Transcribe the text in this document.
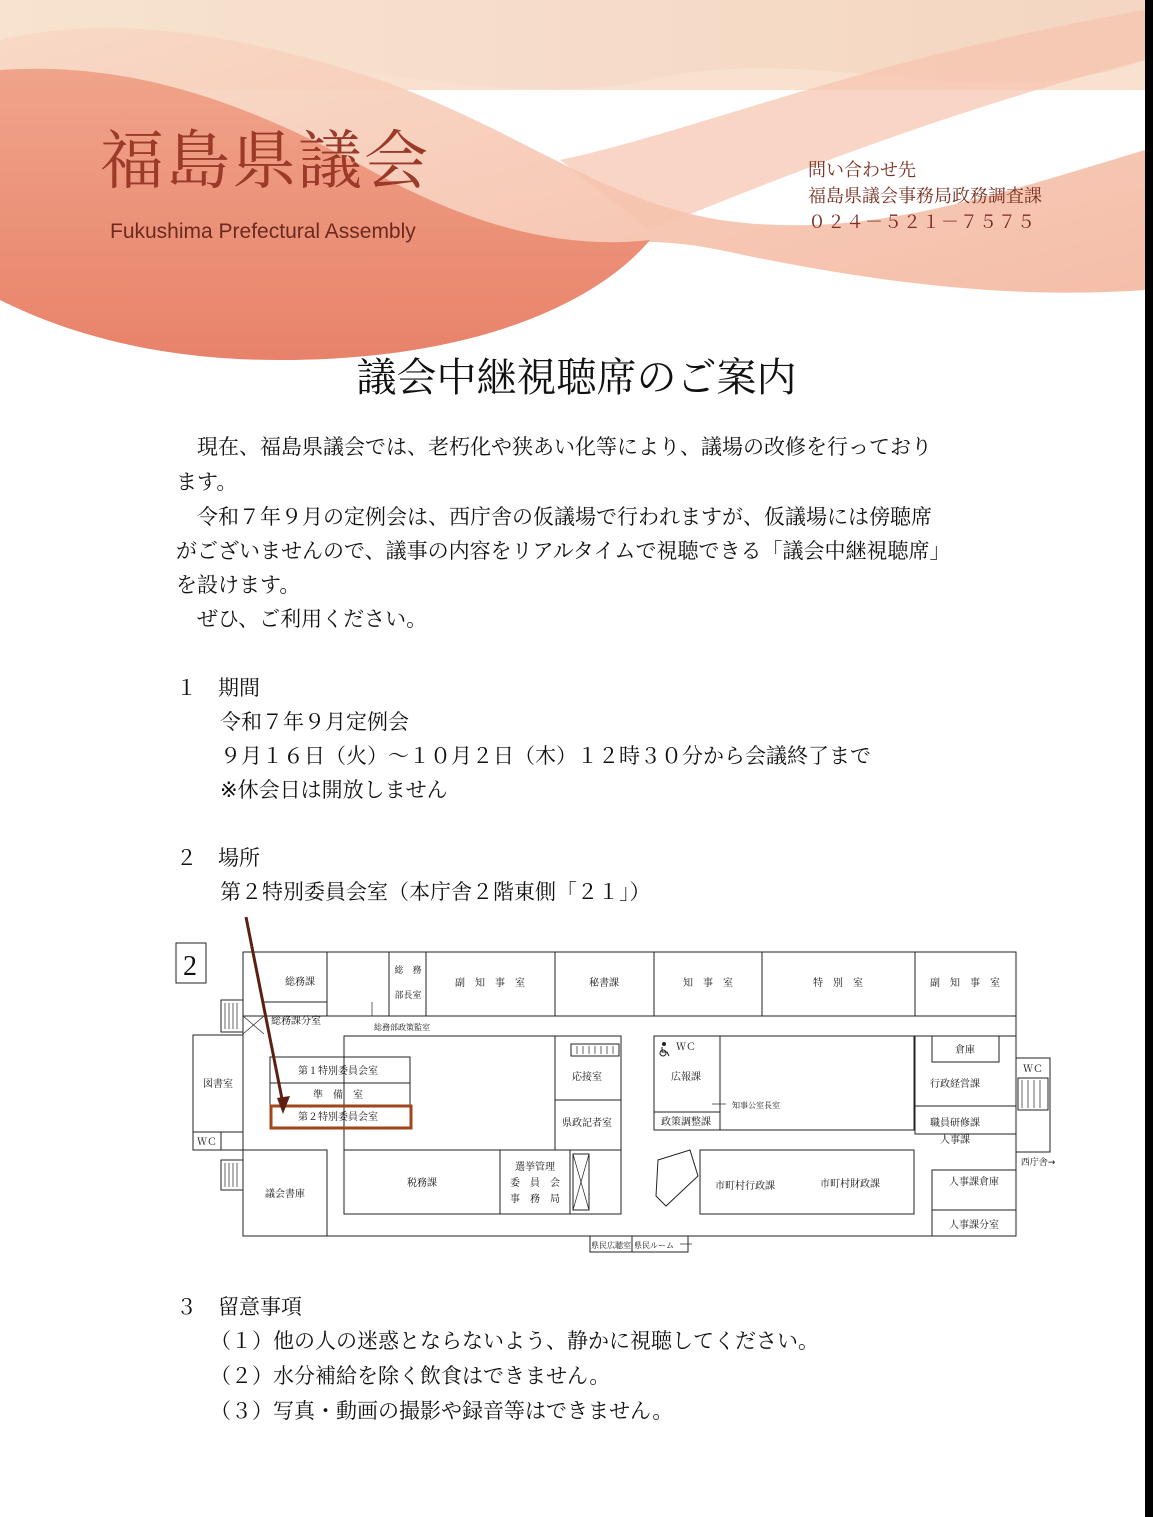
福島県議会
Fukushima Prefectural Assembly
問い合わせ先
福島県議会事務局政務調査課
０２４－５２１－７５７５
議会中継視聴席のご案内
　現在、福島県議会では、老朽化や狭あい化等により、議場の改修を行っており
ます。
　令和７年９月の定例会は、西庁舎の仮議場で行われますが、仮議場には傍聴席
がございませんので、議事の内容をリアルタイムで視聴できる「議会中継視聴席」
を設けます。
　ぜひ、ご利用ください。
１　期間
令和７年９月定例会
９月１６日（火）～１０月２日（木）１２時３０分から会議終了まで
※休会日は開放しません
２　場所
第２特別委員会室（本庁舎２階東側「２１」）
2
総務課
総　務
部長室
副　知　事　室	秘書課	知　事　室	特　別　室	副　知　事　室
総務課分室
総務部政策監室
図書室
ＷＣ
第１特別委員会室
準　備　室
第２特別委員会室
応接室
県政記者室
ＷＣ
広報課
知事公室長室
政策調整課
倉庫
行政経営課
職員研修課
人事課
ＷＣ
西庁舎→
議会書庫
税務課
選挙管理
委　員　会
事　務　局
市町村行政課	市町村財政課	人事課倉庫
人事課分室
県民広聴室 県民ルーム
３　留意事項
（１）他の人の迷惑とならないよう、静かに視聴してください。
（２）水分補給を除く飲食はできません。
（３）写真・動画の撮影や録音等はできません。
